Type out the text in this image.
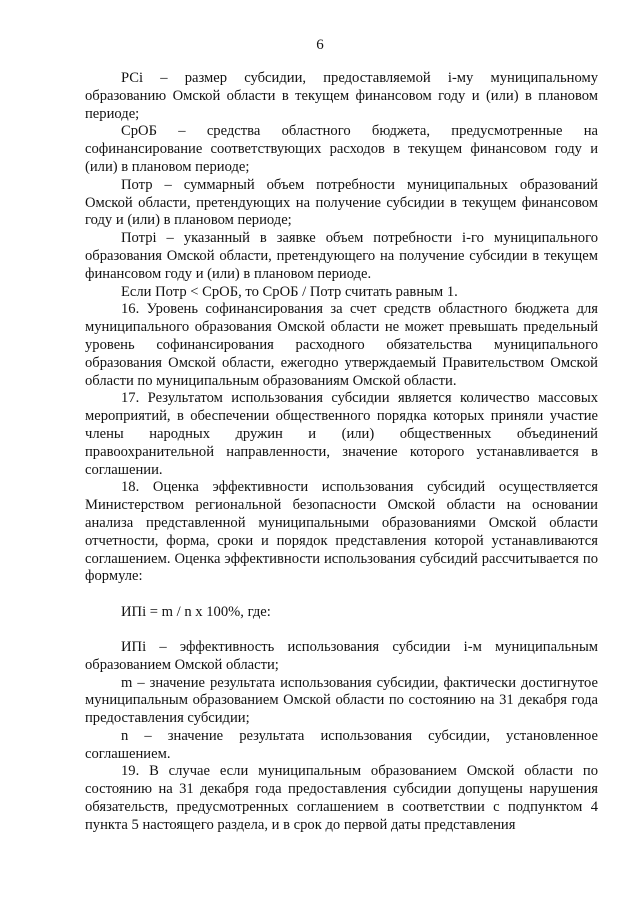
6

РСi – размер субсидии, предоставляемой i-му муниципальному образованию Омской области в текущем финансовом году и (или) в плановом периоде;

СрОБ – средства областного бюджета, предусмотренные на софинансирование соответствующих расходов в текущем финансовом году и (или) в плановом периоде;

Потр – суммарный объем потребности муниципальных образований Омской области, претендующих на получение субсидии в текущем финансовом году и (или) в плановом периоде;

Потрi – указанный в заявке объем потребности i-го муниципального образования Омской области, претендующего на получение субсидии в текущем финансовом году и (или) в плановом периоде.

Если Потр < СрОБ, то СрОБ / Потр считать равным 1.

16. Уровень софинансирования за счет средств областного бюджета для муниципального образования Омской области не может превышать предельный уровень софинансирования расходного обязательства муниципального образования Омской области, ежегодно утверждаемый Правительством Омской области по муниципальным образованиям Омской области.

17. Результатом использования субсидии является количество массовых мероприятий, в обеспечении общественного порядка которых приняли участие члены народных дружин и (или) общественных объединений правоохранительной направленности, значение которого устанавливается в соглашении.

18. Оценка эффективности использования субсидий осуществляется Министерством региональной безопасности Омской области на основании анализа представленной муниципальными образованиями Омской области отчетности, форма, сроки и порядок представления которой устанавливаются соглашением. Оценка эффективности использования субсидий рассчитывается по формуле:

ИПi = m / n x 100%, где:

ИПi – эффективность использования субсидии i-м муниципальным образованием Омской области;

m – значение результата использования субсидии, фактически достигнутое муниципальным образованием Омской области по состоянию на 31 декабря года предоставления субсидии;

n – значение результата использования субсидии, установленное соглашением.

19. В случае если муниципальным образованием Омской области по состоянию на 31 декабря года предоставления субсидии допущены нарушения обязательств, предусмотренных соглашением в соответствии с подпунктом 4 пункта 5 настоящего раздела, и в срок до первой даты представления
